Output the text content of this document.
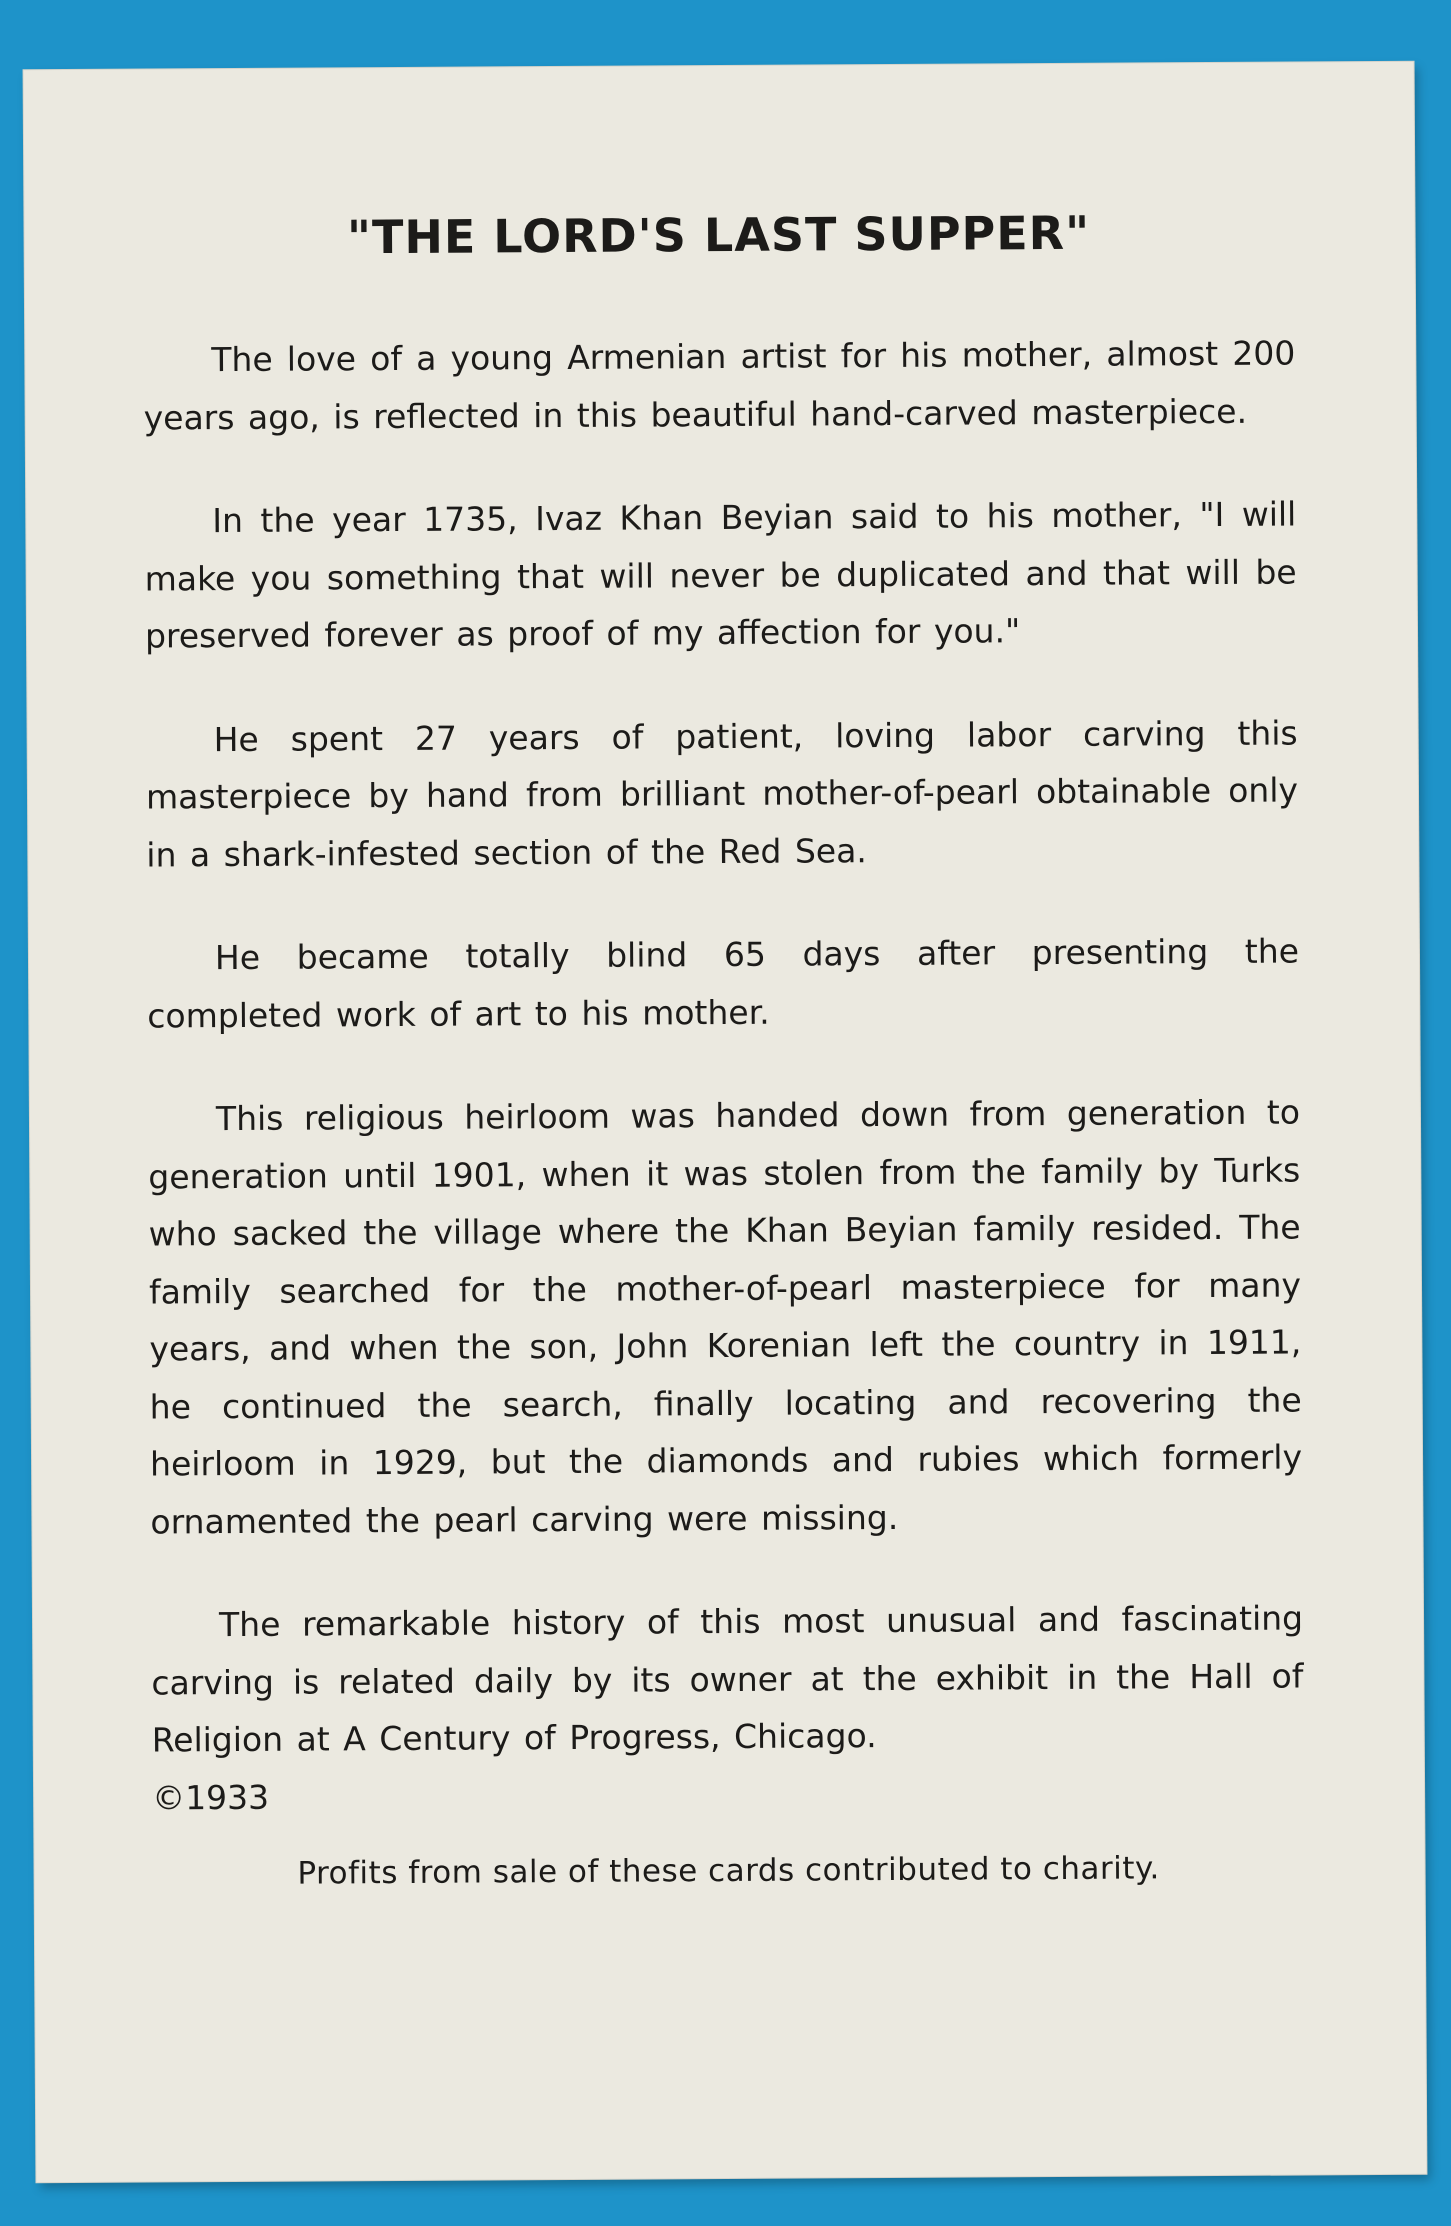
"THE LORD'S LAST SUPPER"

The love of a young Armenian artist for his mother, almost 200 years ago, is reflected in this beautiful hand-carved masterpiece.

In the year 1735, Ivaz Khan Beyian said to his mother, "I will make you something that will never be duplicated and that will be preserved forever as proof of my affection for you."

He spent 27 years of patient, loving labor carving this masterpiece by hand from brilliant mother-of-pearl obtainable only in a shark-infested section of the Red Sea.

He became totally blind 65 days after presenting the completed work of art to his mother.

This religious heirloom was handed down from generation to generation until 1901, when it was stolen from the family by Turks who sacked the village where the Khan Beyian family resided. The family searched for the mother-of-pearl masterpiece for many years, and when the son, John Korenian left the country in 1911, he continued the search, finally locating and recovering the heirloom in 1929, but the diamonds and rubies which formerly ornamented the pearl carving were missing.

The remarkable history of this most unusual and fascinating carving is related daily by its owner at the exhibit in the Hall of Religion at A Century of Progress, Chicago.
©1933

Profits from sale of these cards contributed to charity.
